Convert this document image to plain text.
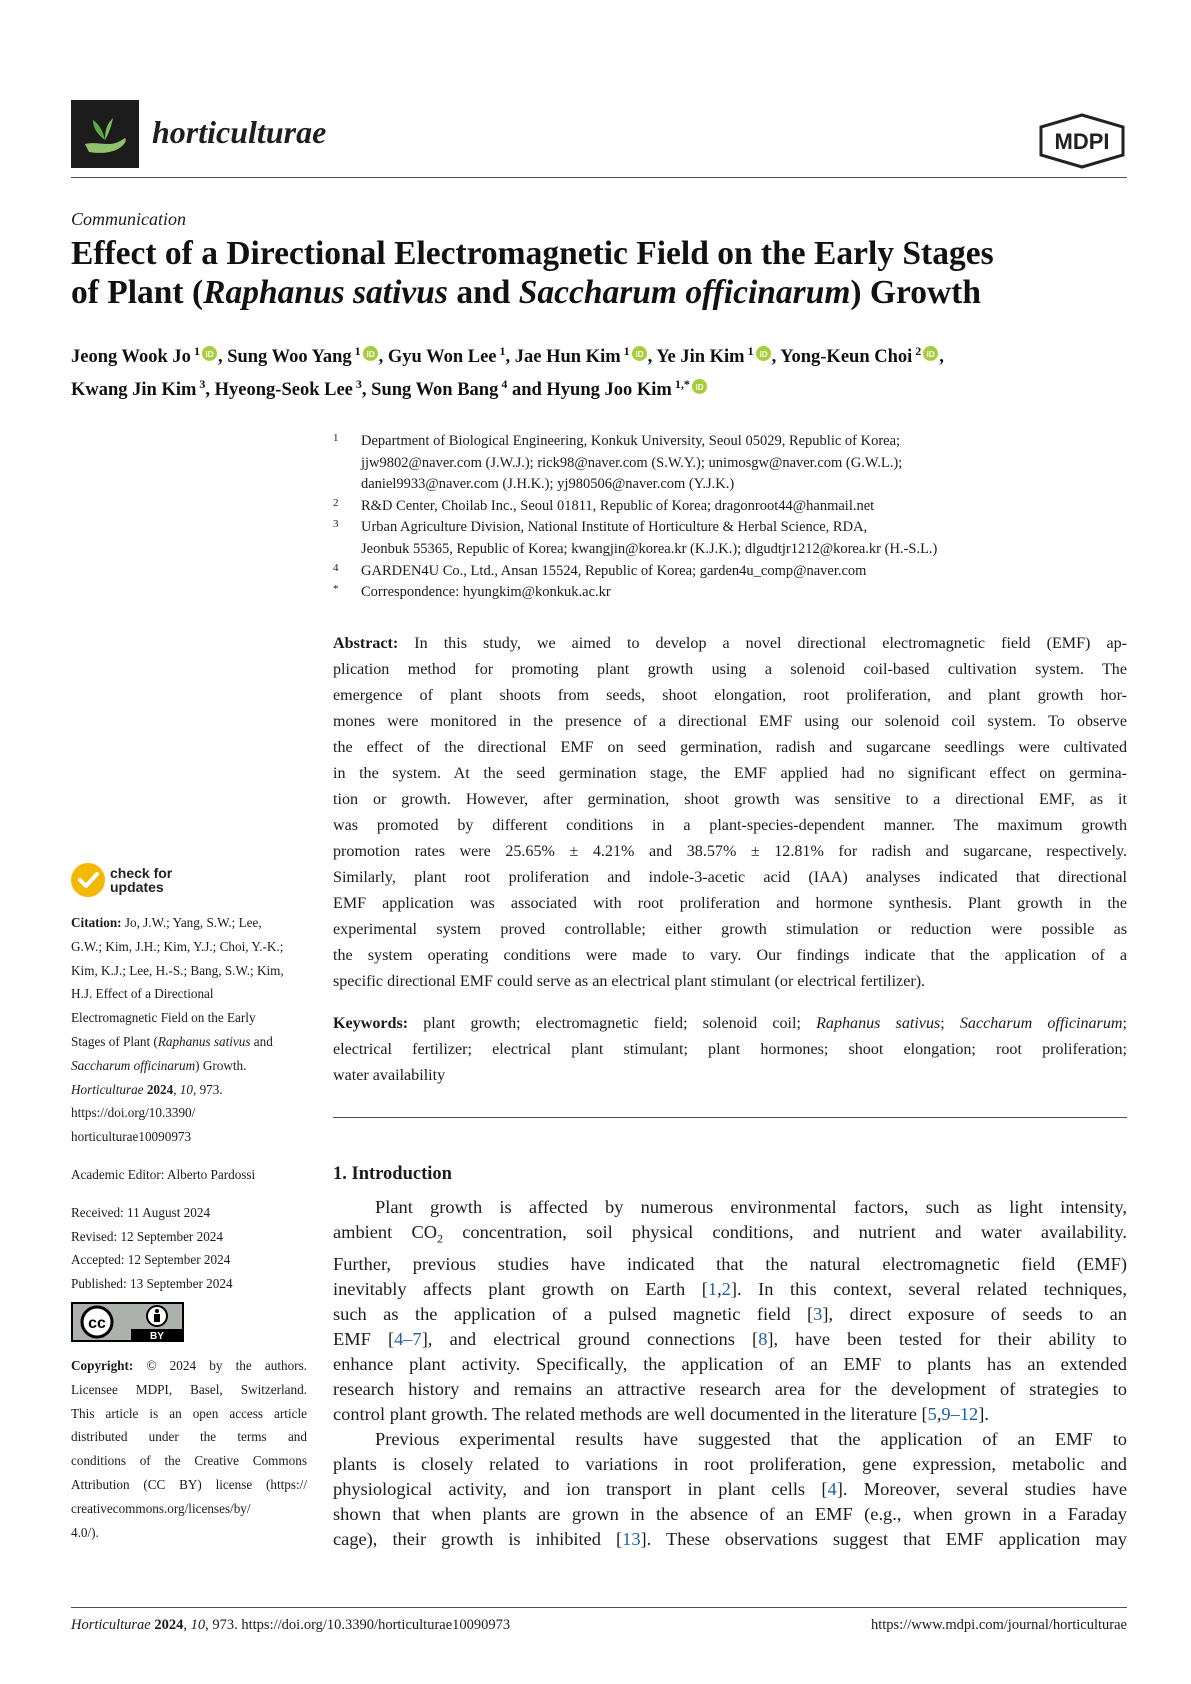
horticulturae	MDPI
Communication
Effect of a Directional Electromagnetic Field on the Early Stages
of Plant (Raphanus sativus and Saccharum officinarum) Growth
Jeong Wook Jo $^1$ iD , Sung Woo Yang $^1$ iD , Gyu Won Lee $^1$, Jae Hun Kim $^1$ iD , Ye Jin Kim $^1$ iD , Yong-Keun Choi $^2$ iD ,
Kwang Jin Kim $^3$, Hyeong-Seok Lee $^3$, Sung Won Bang $^4$ and Hyung Joo Kim $^{1,*}$ iD
1	Department of Biological Engineering, Konkuk University, Seoul 05029, Republic of Korea;
jjw9802@naver.com (J.W.J.); rick98@naver.com (S.W.Y.); unimosgw@naver.com (G.W.L.);
daniel9933@naver.com (J.H.K.); yj980506@naver.com (Y.J.K.)
2	R&D Center, Choilab Inc., Seoul 01811, Republic of Korea; dragonroot44@hanmail.net
3	Urban Agriculture Division, National Institute of Horticulture & Herbal Science, RDA,
Jeonbuk 55365, Republic of Korea; kwangjin@korea.kr (K.J.K.); dlgudtjr1212@korea.kr (H.-S.L.)
4	GARDEN4U Co., Ltd., Ansan 15524, Republic of Korea; garden4u_comp@naver.com
*	Correspondence: hyungkim@konkuk.ac.kr
Abstract: In this study, we aimed to develop a novel directional electromagnetic field (EMF) ap-
plication method for promoting plant growth using a solenoid coil-based cultivation system. The
emergence of plant shoots from seeds, shoot elongation, root proliferation, and plant growth hor-
mones were monitored in the presence of a directional EMF using our solenoid coil system. To observe
the effect of the directional EMF on seed germination, radish and sugarcane seedlings were cultivated
in the system. At the seed germination stage, the EMF applied had no significant effect on germina-
tion or growth. However, after germination, shoot growth was sensitive to a directional EMF, as it
was promoted by different conditions in a plant-species-dependent manner. The maximum growth
promotion rates were 25.65% ± 4.21% and 38.57% ± 12.81% for radish and sugarcane, respectively.
Similarly, plant root proliferation and indole-3-acetic acid (IAA) analyses indicated that directional
EMF application was associated with root proliferation and hormone synthesis. Plant growth in the
experimental system proved controllable; either growth stimulation or reduction were possible as
the system operating conditions were made to vary. Our findings indicate that the application of a
specific directional EMF could serve as an electrical plant stimulant (or electrical fertilizer).
Keywords: plant growth; electromagnetic field; solenoid coil; Raphanus sativus; Saccharum officinarum;
electrical fertilizer; electrical plant stimulant; plant hormones; shoot elongation; root proliferation;
water availability
1. Introduction
Plant growth is affected by numerous environmental factors, such as light intensity,
ambient $CO_2$ concentration, soil physical conditions, and nutrient and water availability.
Further, previous studies have indicated that the natural electromagnetic field (EMF)
inevitably affects plant growth on Earth [1,2]. In this context, several related techniques,
such as the application of a pulsed magnetic field [3], direct exposure of seeds to an
EMF [4–7], and electrical ground connections [8], have been tested for their ability to
enhance plant activity. Specifically, the application of an EMF to plants has an extended
research history and remains an attractive research area for the development of strategies to
control plant growth. The related methods are well documented in the literature [5,9–12].
Previous experimental results have suggested that the application of an EMF to
plants is closely related to variations in root proliferation, gene expression, metabolic and
physiological activity, and ion transport in plant cells [4]. Moreover, several studies have
shown that when plants are grown in the absence of an EMF (e.g., when grown in a Faraday
cage), their growth is inhibited [13]. These observations suggest that EMF application may
check for
updates
Citation: Jo, J.W.; Yang, S.W.; Lee,
G.W.; Kim, J.H.; Kim, Y.J.; Choi, Y.-K.;
Kim, K.J.; Lee, H.-S.; Bang, S.W.; Kim,
H.J. Effect of a Directional
Electromagnetic Field on the Early
Stages of Plant (Raphanus sativus and
Saccharum officinarum) Growth.
Horticulturae 2024, 10, 973.
https://doi.org/10.3390/
horticulturae10090973
Academic Editor: Alberto Pardossi
Received: 11 August 2024
Revised: 12 September 2024
Accepted: 12 September 2024
Published: 13 September 2024
cc
BY
Copyright: © 2024 by the authors.
Licensee MDPI, Basel, Switzerland.
This article is an open access article
distributed under the terms and
conditions of the Creative Commons
Attribution (CC BY) license (https://
creativecommons.org/licenses/by/
4.0/).
Horticulturae 2024, 10, 973. https://doi.org/10.3390/horticulturae10090973	https://www.mdpi.com/journal/horticulturae
